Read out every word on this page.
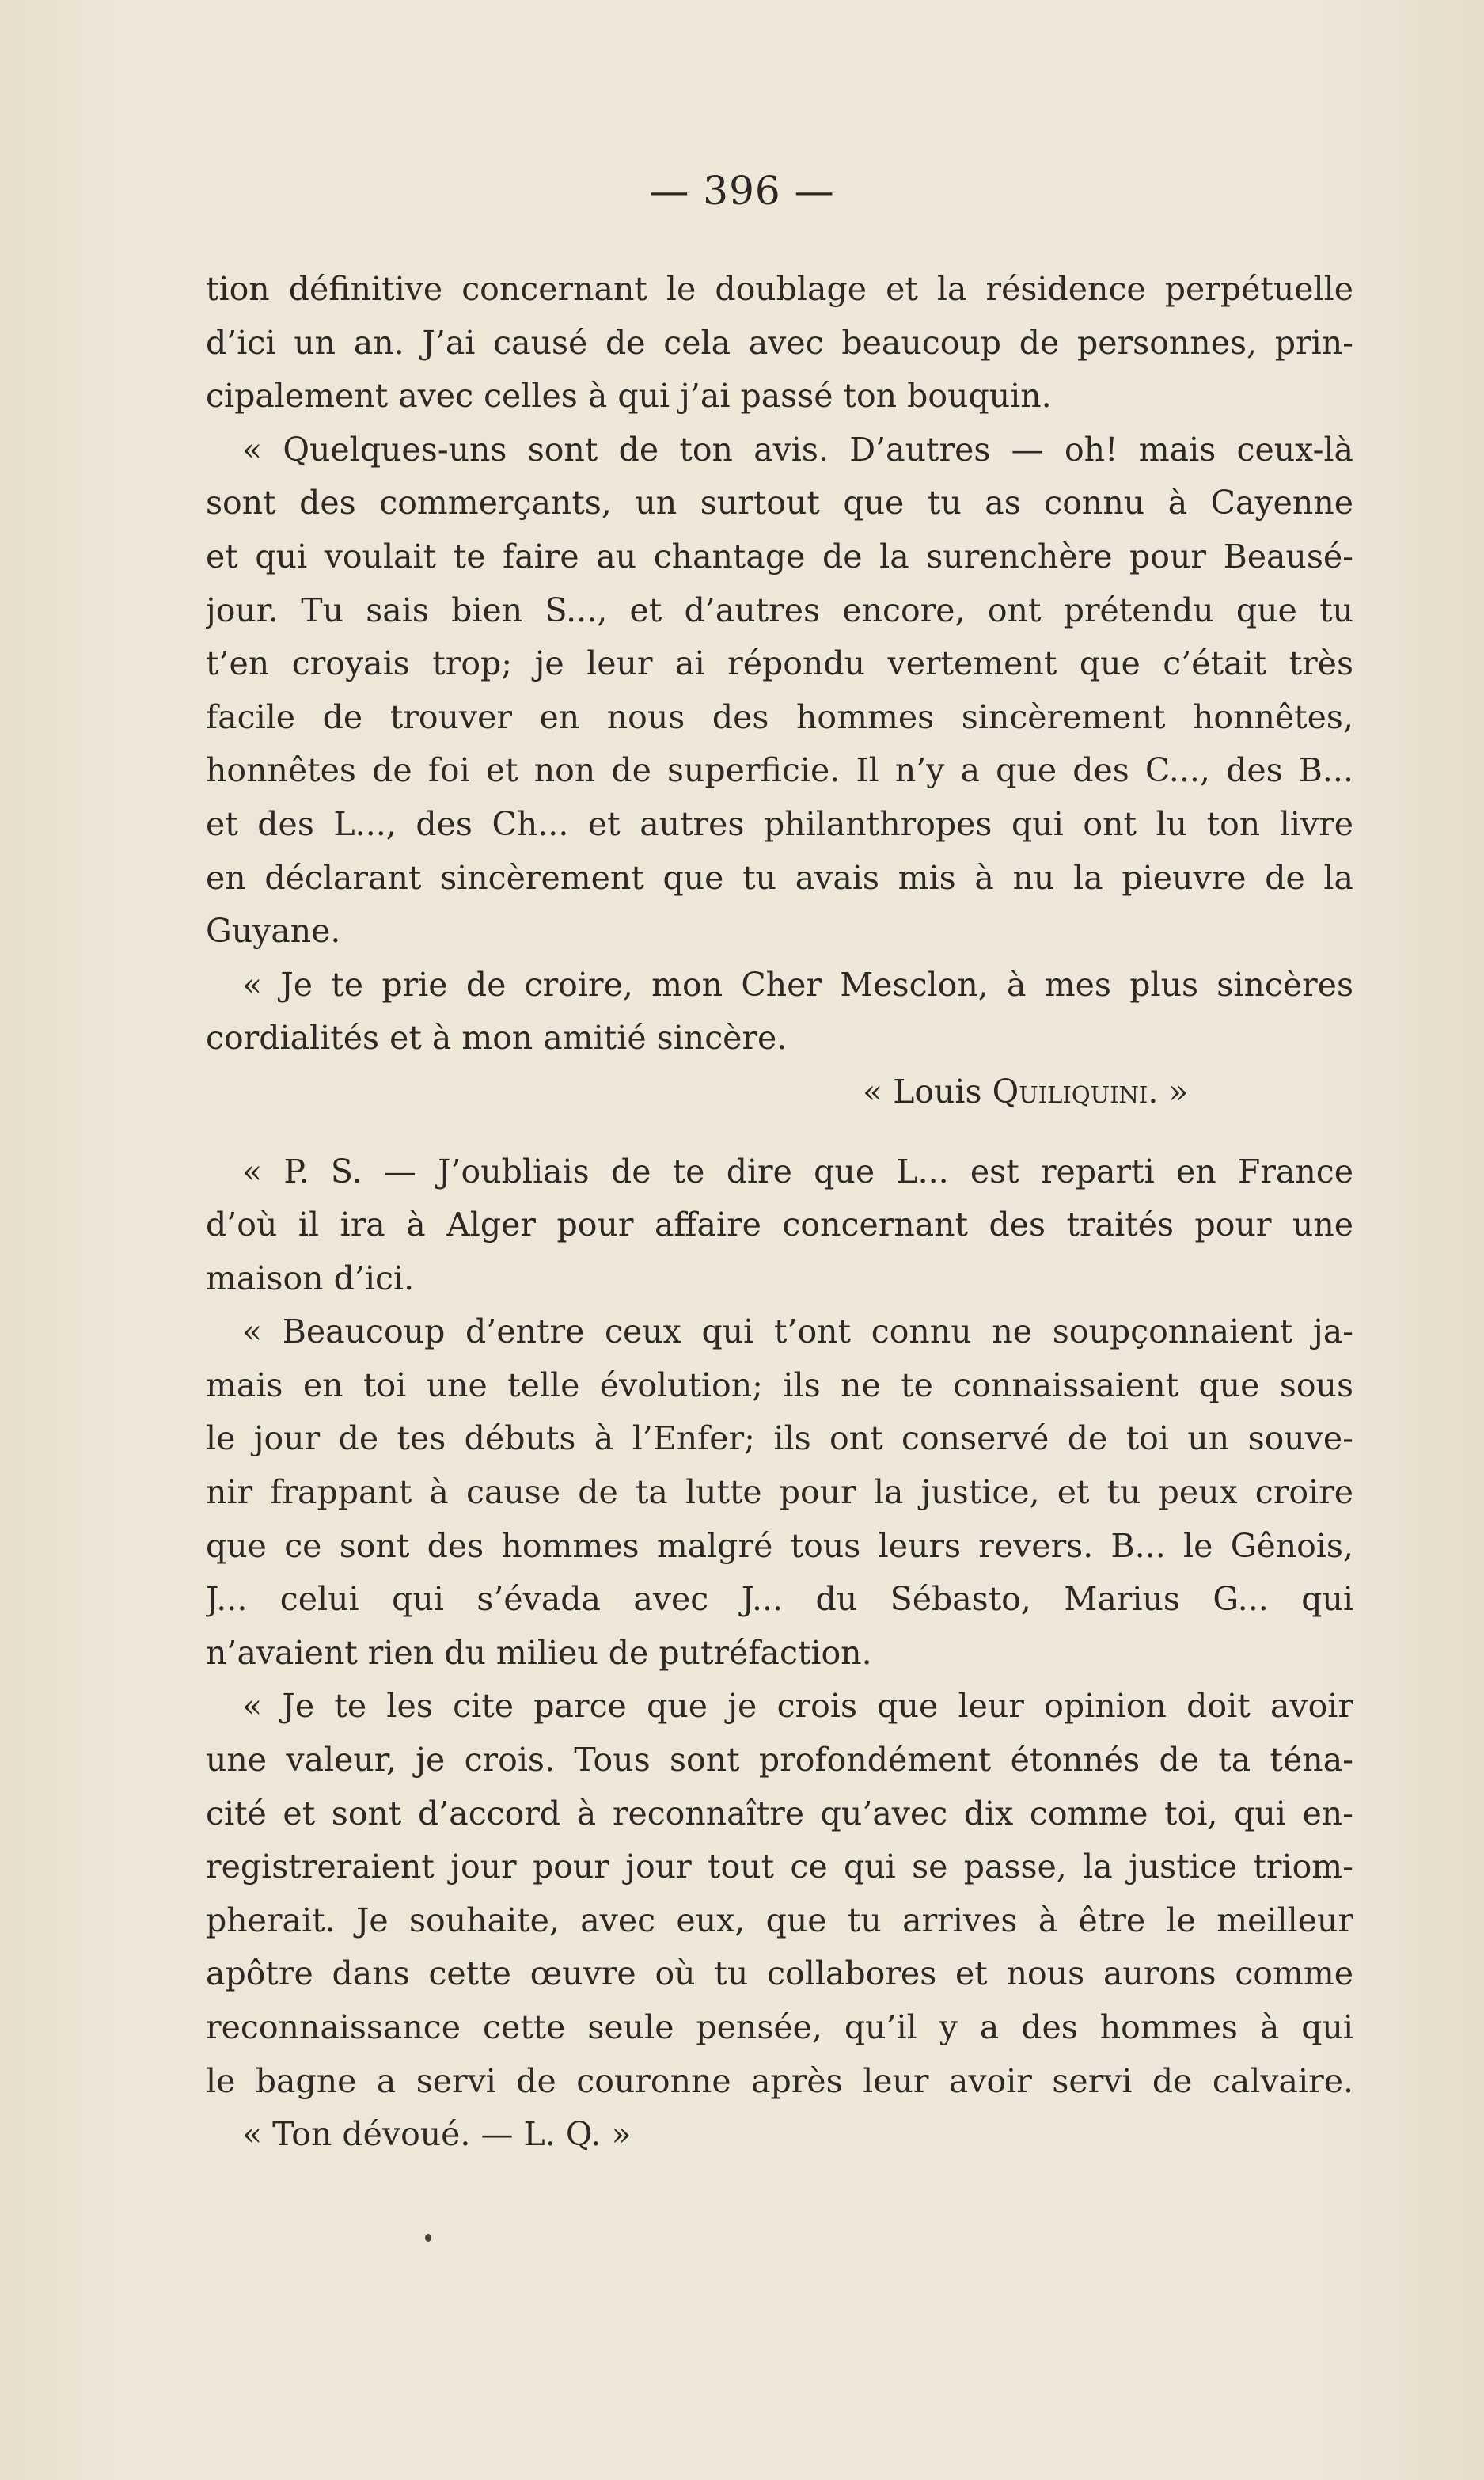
— 396 —
tion définitive concernant le doublage et la résidence perpétuelle
d’ici un an. J’ai causé de cela avec beaucoup de personnes, prin-
cipalement avec celles à qui j’ai passé ton bouquin.
« Quelques-uns sont de ton avis. D’autres — oh! mais ceux-là
sont des commerçants, un surtout que tu as connu à Cayenne
et qui voulait te faire au chantage de la surenchère pour Beausé-
jour. Tu sais bien S..., et d’autres encore, ont prétendu que tu
t’en croyais trop; je leur ai répondu vertement que c’était très
facile de trouver en nous des hommes sincèrement honnêtes,
honnêtes de foi et non de superficie. Il n’y a que des C..., des B...
et des L..., des Ch... et autres philanthropes qui ont lu ton livre
en déclarant sincèrement que tu avais mis à nu la pieuvre de la
Guyane.
« Je te prie de croire, mon Cher Mesclon, à mes plus sincères
cordialités et à mon amitié sincère.
« Louis Quiliquini. »
« P. S. — J’oubliais de te dire que L... est reparti en France
d’où il ira à Alger pour affaire concernant des traités pour une
maison d’ici.
« Beaucoup d’entre ceux qui t’ont connu ne soupçonnaient ja-
mais en toi une telle évolution; ils ne te connaissaient que sous
le jour de tes débuts à l’Enfer; ils ont conservé de toi un souve-
nir frappant à cause de ta lutte pour la justice, et tu peux croire
que ce sont des hommes malgré tous leurs revers. B... le Gênois,
J... celui qui s’évada avec J... du Sébasto, Marius G... qui
n’avaient rien du milieu de putréfaction.
« Je te les cite parce que je crois que leur opinion doit avoir
une valeur, je crois. Tous sont profondément étonnés de ta téna-
cité et sont d’accord à reconnaître qu’avec dix comme toi, qui en-
registreraient jour pour jour tout ce qui se passe, la justice triom-
pherait. Je souhaite, avec eux, que tu arrives à être le meilleur
apôtre dans cette œuvre où tu collabores et nous aurons comme
reconnaissance cette seule pensée, qu’il y a des hommes à qui
le bagne a servi de couronne après leur avoir servi de calvaire.
« Ton dévoué. — L. Q. »
